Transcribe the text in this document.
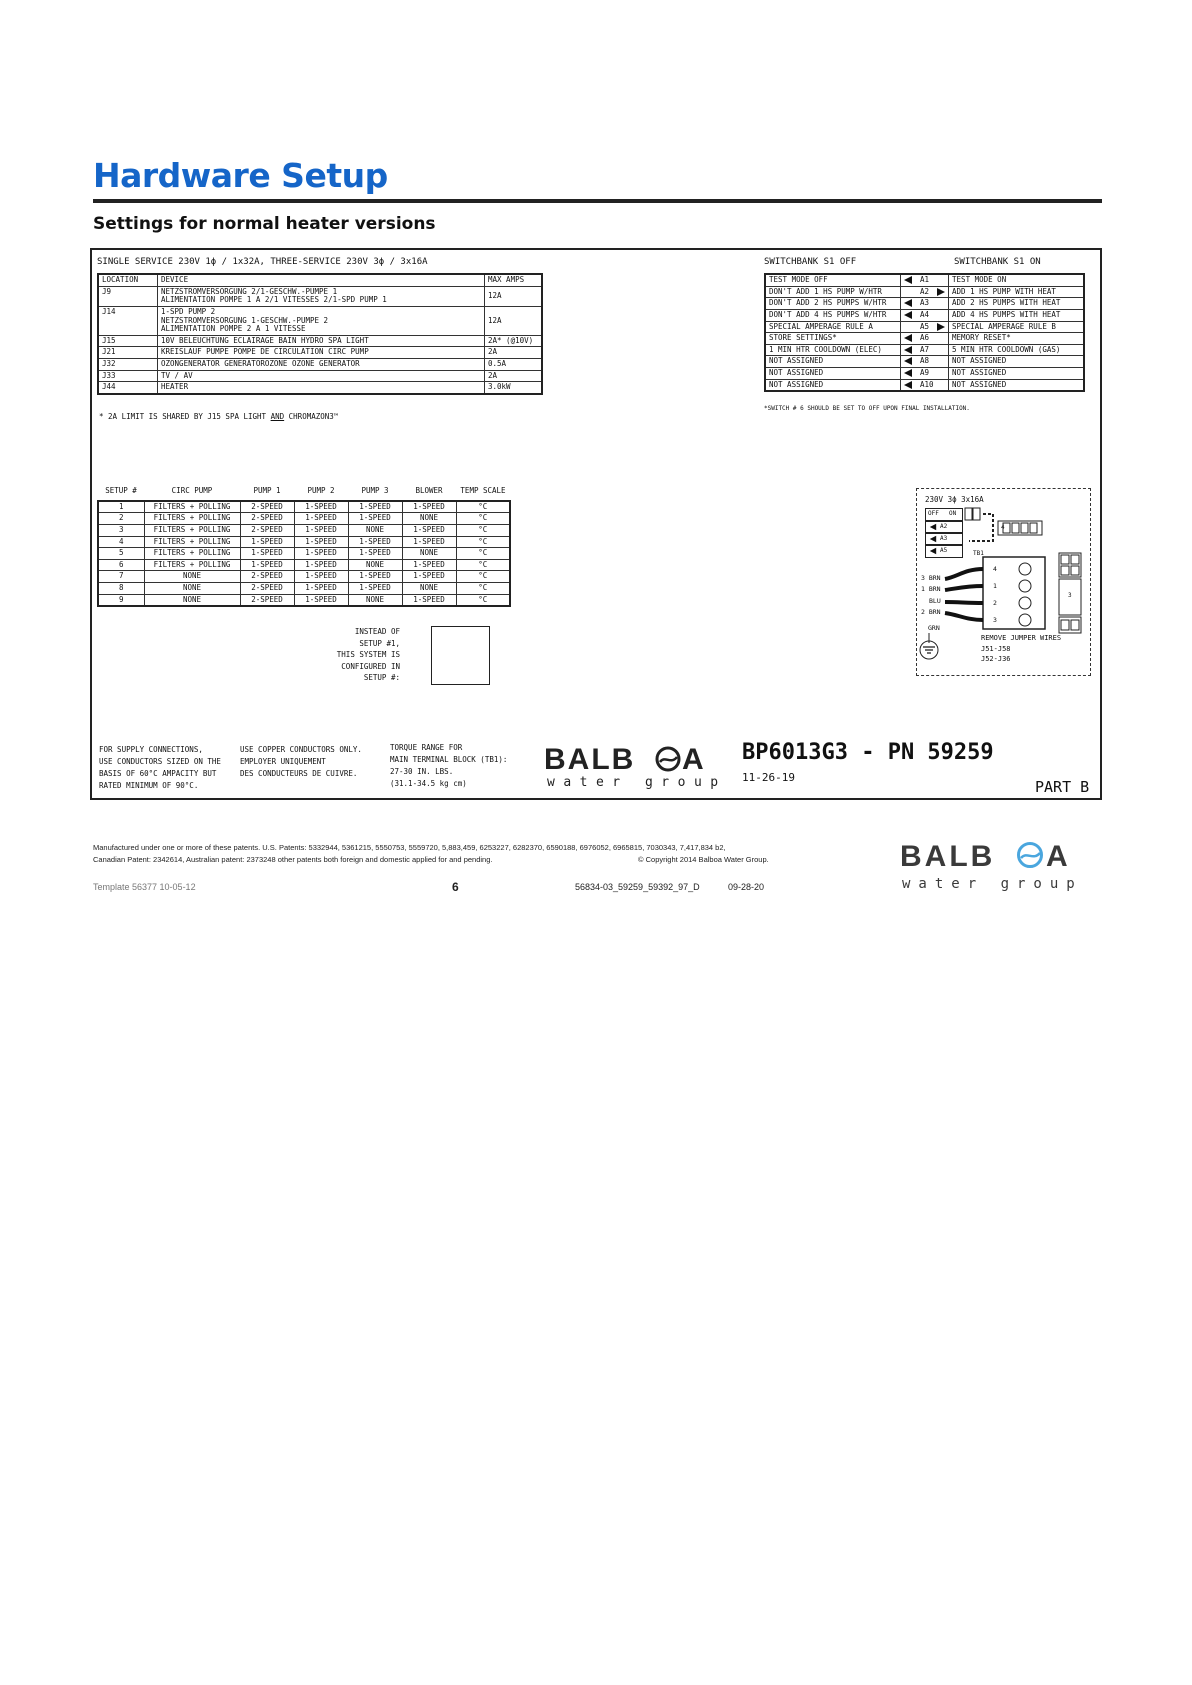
Hardware Setup
Settings for normal heater versions
SINGLE SERVICE 230V 1ϕ / 1x32A, THREE-SERVICE 230V 3ϕ / 3x16A
LOCATION	DEVICE	MAX AMPS
J9	NETZSTROMVERSORGUNG 2/1-GESCHW.-PUMPE 1
ALIMENTATION POMPE 1 A 2/1 VITESSES 2/1-SPD PUMP 1	12A
J14	1-SPD PUMP 2
NETZSTROMVERSORGUNG 1-GESCHW.-PUMPE 2
ALIMENTATION POMPE 2 A 1 VITESSE	12A
J15	10V BELEUCHTUNG ECLAIRAGE BAIN HYDRO SPA LIGHT	2A* (@10V)
J21	KREISLAUF PUMPE POMPE DE CIRCULATION CIRC PUMP	2A
J32	OZONGENERATOR GENERATOROZONE OZONE GENERATOR	0.5A
J33	TV / AV	2A
J44	HEATER	3.0kW
* 2A LIMIT IS SHARED BY J15 SPA LIGHT AND CHROMAZON3™
SWITCHBANK S1 OFF	SWITCHBANK S1 ON
TEST MODE OFF	A1	TEST MODE ON
DON'T ADD 1 HS PUMP W/HTR	A2	ADD 1 HS PUMP WITH HEAT
DON'T ADD 2 HS PUMPS W/HTR	A3	ADD 2 HS PUMPS WITH HEAT
DON'T ADD 4 HS PUMPS W/HTR	A4	ADD 4 HS PUMPS WITH HEAT
SPECIAL AMPERAGE RULE A	A5	SPECIAL AMPERAGE RULE B
STORE SETTINGS*	A6	MEMORY RESET*
1 MIN HTR COOLDOWN (ELEC)	A7	5 MIN HTR COOLDOWN (GAS)
NOT ASSIGNED	A8	NOT ASSIGNED
NOT ASSIGNED	A9	NOT ASSIGNED
NOT ASSIGNED	A10	NOT ASSIGNED
*SWITCH # 6 SHOULD BE SET TO OFF UPON FINAL INSTALLATION.
SETUP #	CIRC PUMP	PUMP 1	PUMP 2	PUMP 3	BLOWER	TEMP SCALE
1	FILTERS + POLLING	2-SPEED	1-SPEED	1-SPEED	1-SPEED	°C
2	FILTERS + POLLING	2-SPEED	1-SPEED	1-SPEED	NONE	°C
3	FILTERS + POLLING	2-SPEED	1-SPEED	NONE	1-SPEED	°C
4	FILTERS + POLLING	1-SPEED	1-SPEED	1-SPEED	1-SPEED	°C
5	FILTERS + POLLING	1-SPEED	1-SPEED	1-SPEED	NONE	°C
6	FILTERS + POLLING	1-SPEED	1-SPEED	NONE	1-SPEED	°C
7	NONE	2-SPEED	1-SPEED	1-SPEED	1-SPEED	°C
8	NONE	2-SPEED	1-SPEED	1-SPEED	NONE	°C
9	NONE	2-SPEED	1-SPEED	NONE	1-SPEED	°C
INSTEAD OF
SETUP #1,
THIS SYSTEM IS
CONFIGURED IN
SETUP #:
230V 3ϕ 3x16A
OFF ON
A2
A3
A5
4
3
TB1
3 BRN
1 BRN
BLU
2 BRN
4
1
2
3
GRN
REMOVE JUMPER WIRES
J51-J58
J52-J36
FOR SUPPLY CONNECTIONS,
USE CONDUCTORS SIZED ON THE
BASIS OF 60°C AMPACITY BUT
RATED MINIMUM OF 90°C.
USE COPPER CONDUCTORS ONLY.
EMPLOYER UNIQUEMENT
DES CONDUCTEURS DE CUIVRE.
TORQUE RANGE FOR
MAIN TERMINAL BLOCK (TB1):
27-30 IN. LBS.
(31.1-34.5 kg cm)
BALB A
water group
BP6013G3 - PN 59259
11-26-19
PART B
Manufactured under one or more of these patents. U.S. Patents: 5332944, 5361215, 5550753, 5559720, 5,883,459, 6253227, 6282370, 6590188, 6976052, 6965815, 7030343, 7,417,834 b2,
Canadian Patent: 2342614, Australian patent: 2373248 other patents both foreign and domestic applied for and pending.	© Copyright 2014 Balboa Water Group.
Template 56377 10-05-12	6	56834-03_59259_59392_97_D	09-28-20
BALB A
water group
